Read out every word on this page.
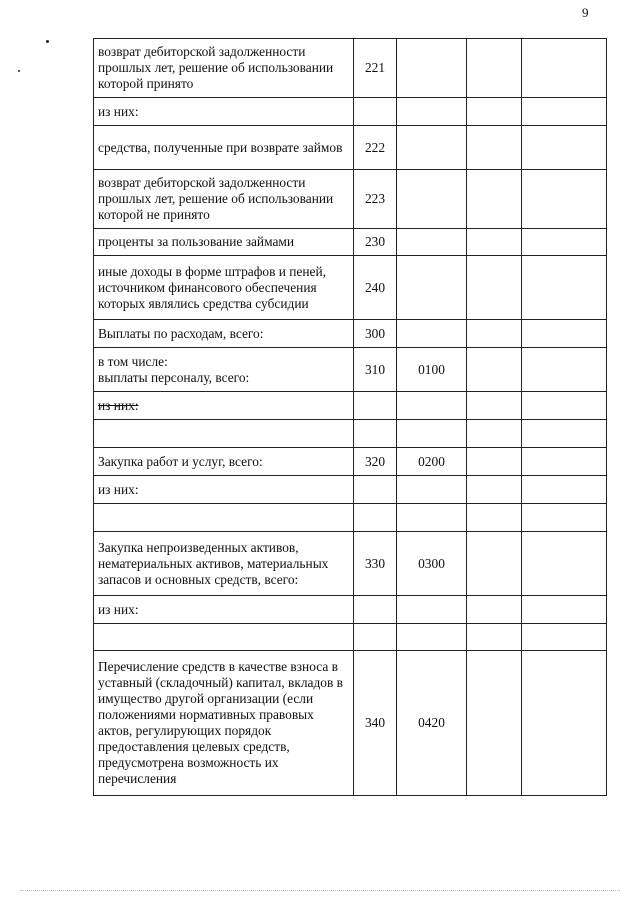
9
возврат дебиторской задолженности прошлых лет, решение об использовании которой принято	221			
из них:				
средства, полученные при возврате займов	222			
возврат дебиторской задолженности прошлых лет, решение об использовании которой не принято	223			
проценты за пользование займами	230			
иные доходы в форме штрафов и пеней, источником финансового обеспечения которых являлись средства субсидии	240			
Выплаты по расходам, всего:	300			
в том числе:
выплаты персоналу, всего:	310	0100		
из них:				

Закупка работ и услуг, всего:	320	0200		
из них:				

Закупка непроизведенных активов, нематериальных активов, материальных запасов и основных средств, всего:	330	0300		
из них:				

Перечисление средств в качестве взноса в уставный (складочный) капитал, вкладов в имущество другой организации (если положениями нормативных правовых актов, регулирующих порядок предоставления целевых средств, предусмотрена возможность их перечисления	340	0420		
